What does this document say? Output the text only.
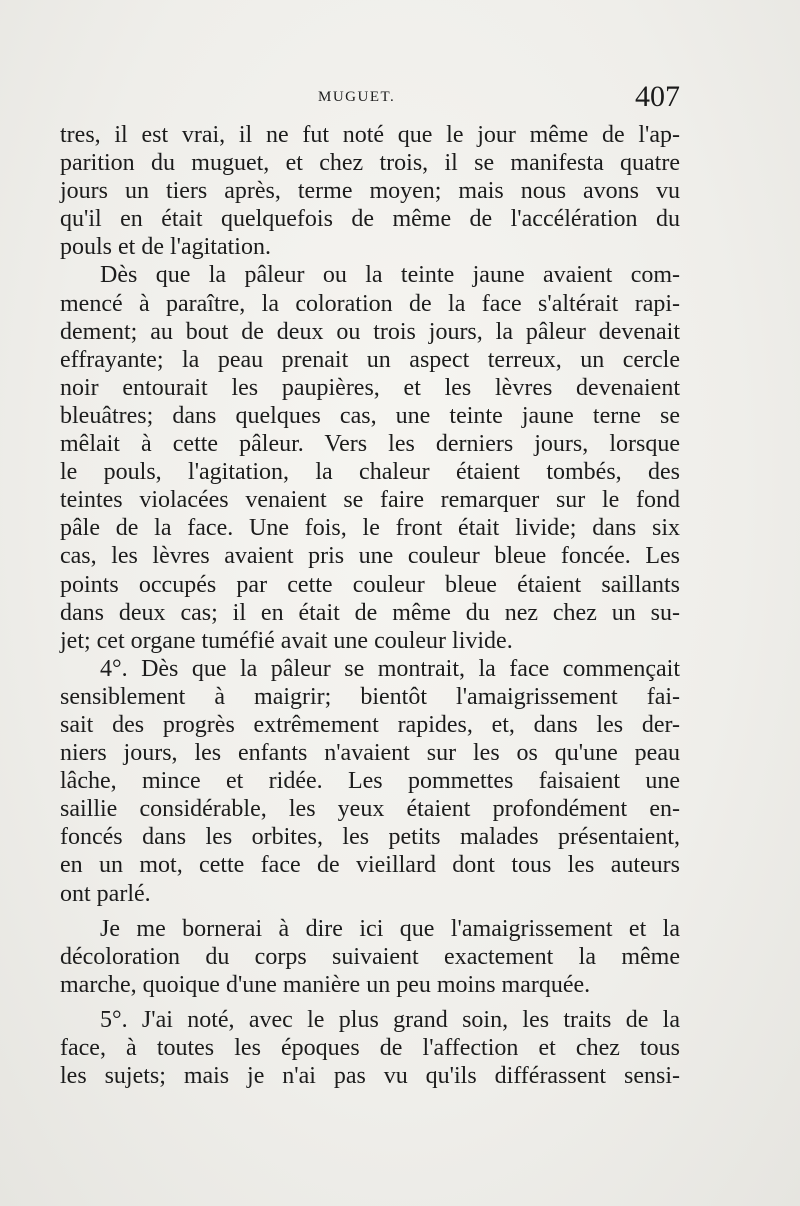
MUGUET.	407
tres, il est vrai, il ne fut noté que le jour même de l'ap-
parition du muguet, et chez trois, il se manifesta quatre
jours un tiers après, terme moyen; mais nous avons vu
qu'il en était quelquefois de même de l'accélération du
pouls et de l'agitation.
Dès que la pâleur ou la teinte jaune avaient com-
mencé à paraître, la coloration de la face s'altérait rapi-
dement; au bout de deux ou trois jours, la pâleur devenait
effrayante; la peau prenait un aspect terreux, un cercle
noir entourait les paupières, et les lèvres devenaient
bleuâtres; dans quelques cas, une teinte jaune terne se
mêlait à cette pâleur. Vers les derniers jours, lorsque
le pouls, l'agitation, la chaleur étaient tombés, des
teintes violacées venaient se faire remarquer sur le fond
pâle de la face. Une fois, le front était livide; dans six
cas, les lèvres avaient pris une couleur bleue foncée. Les
points occupés par cette couleur bleue étaient saillants
dans deux cas; il en était de même du nez chez un su-
jet; cet organe tuméfié avait une couleur livide.
4°. Dès que la pâleur se montrait, la face commençait
sensiblement à maigrir; bientôt l'amaigrissement fai-
sait des progrès extrêmement rapides, et, dans les der-
niers jours, les enfants n'avaient sur les os qu'une peau
lâche, mince et ridée. Les pommettes faisaient une
saillie considérable, les yeux étaient profondément en-
foncés dans les orbites, les petits malades présentaient,
en un mot, cette face de vieillard dont tous les auteurs
ont parlé.
Je me bornerai à dire ici que l'amaigrissement et la
décoloration du corps suivaient exactement la même
marche, quoique d'une manière un peu moins marquée.
5°. J'ai noté, avec le plus grand soin, les traits de la
face, à toutes les époques de l'affection et chez tous
les sujets; mais je n'ai pas vu qu'ils différassent sensi-
